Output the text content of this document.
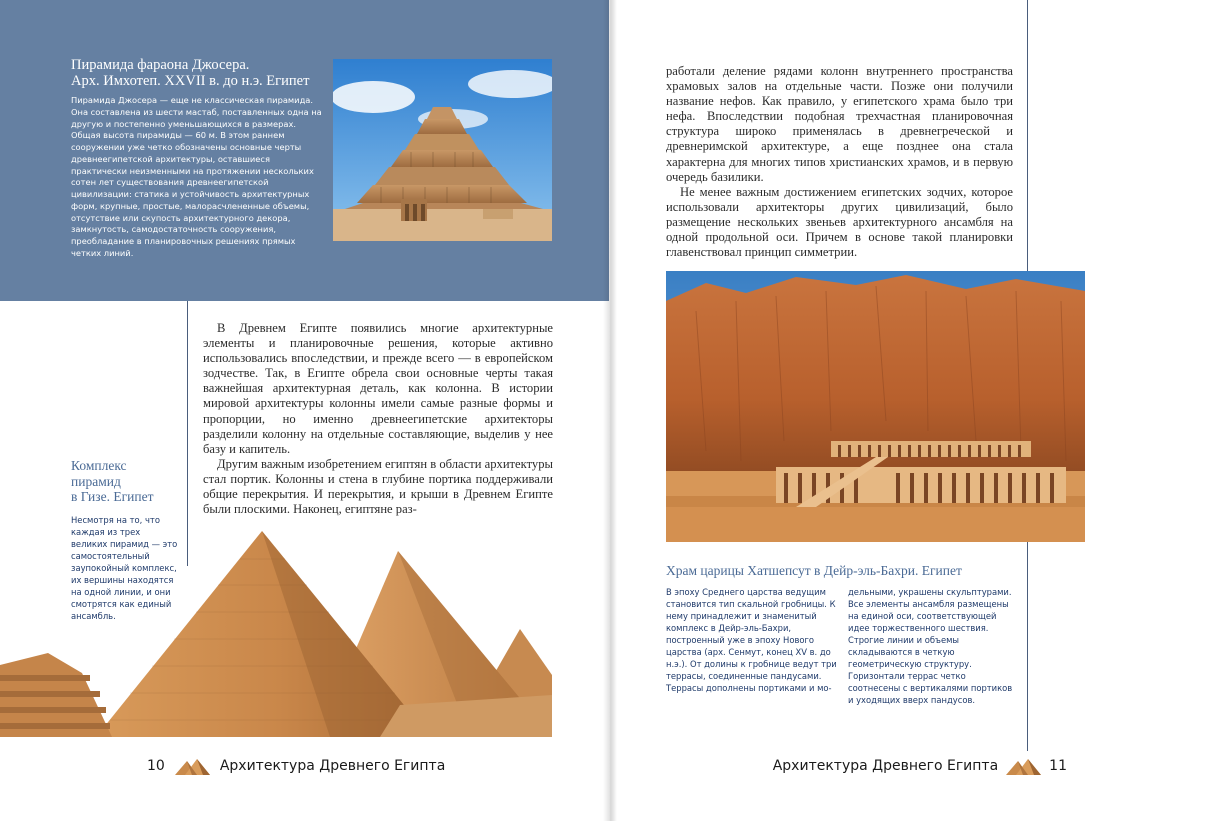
Пирамида фараона Джосера.
Арх. Имхотеп. XXVII в. до н.э. Египет
Пирамида Джосера — еще не классическая пирамида. Она составлена из шести мастаб, поставленных одна на другую и постепенно уменьшающихся в размерах. Общая высота пирамиды — 60 м. В этом раннем сооружении уже четко обозначены основные черты древнеегипетской архитектуры, оставшиеся практически неизменными на протяжении нескольких сотен лет существования древнеегипетской цивилизации: статика и устойчивость архитектурных форм, крупные, простые, малорасчлененные объемы, отсутствие или скупость архитектурного декора, замкнутость, самодостаточность сооружения, преобладание в планировочных решениях прямых четких линий.

В Древнем Египте появились многие архитектурные элементы и планировочные решения, которые активно использовались впоследствии, и прежде всего — в европейском зодчестве. Так, в Египте обрела свои основные черты такая важнейшая архитектурная деталь, как колонна. В истории мировой архитектуры колонны имели самые разные формы и пропорции, но именно древнеегипетские архитекторы разделили колонну на отдельные составляющие, выделив у нее базу и капитель.

Другим важным изобретением египтян в области архитектуры стал портик. Колонны и стена в глубине портика поддерживали общие перекрытия. И перекрытия, и крыши в Древнем Египте были плоскими. Наконец, египтяне раз-

Комплекс
пирамид
в Гизе. Египет
Несмотря на то, что каждая из трех великих пирамид — это самостоятельный заупокойный комплекс, их вершины находятся на одной линии, и они смотрятся как единый ансамбль.
10	Архитектура Древнего Египта

работали деление рядами колонн внутреннего пространства храмовых залов на отдельные части. Позже они получили название нефов. Как правило, у египетского храма было три нефа. Впоследствии подобная трехчастная планировочная структура широко применялась в древнегреческой и древнеримской архитектуре, а еще позднее она стала характерна для многих типов христианских храмов, и в первую очередь базилики.

Не менее важным достижением египетских зодчих, которое использовали архитекторы других цивилизаций, было размещение нескольких звеньев архитектурного ансамбля на одной продольной оси. Причем в основе такой планировки главенствовал принцип симметрии.

Храм царицы Хатшепсут в Дейр-эль-Бахри. Египет
В эпоху Среднего царства ведущим становится тип скальной гробницы. К нему принадлежит и знаменитый комплекс в Дейр-эль-Бахри, построенный уже в эпоху Нового царства (арх. Сенмут, конец XV в. до н.э.). От долины к гробнице ведут три террасы, соединенные пандусами. Террасы дополнены портиками и мо-
дельными, украшены скульптурами. Все элементы ансамбля размещены на единой оси, соответствующей идее торжественного шествия. Строгие линии и объемы складываются в четкую геометрическую структуру. Горизонтали террас четко соотнесены с вертикалями портиков и уходящих вверх пандусов.
Архитектура Древнего Египта	11
